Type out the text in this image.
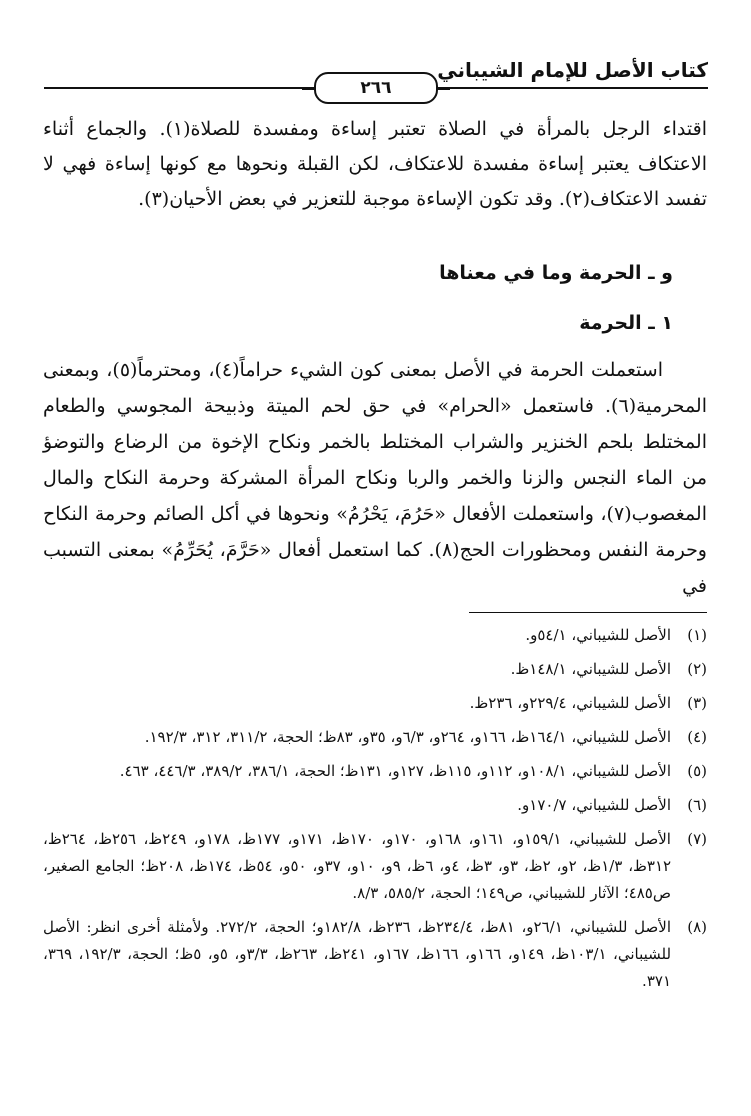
كتاب الأصل للإمام الشيباني
٢٦٦

اقتداء الرجل بالمرأة في الصلاة تعتبر إساءة ومفسدة للصلاة(١). والجماع أثناء الاعتكاف يعتبر إساءة مفسدة للاعتكاف، لكن القبلة ونحوها مع كونها إساءة فهي لا تفسد الاعتكاف(٢). وقد تكون الإساءة موجبة للتعزير في بعض الأحيان(٣).

و ـ الحرمة وما في معناها
١ ـ الحرمة

استعملت الحرمة في الأصل بمعنى كون الشيء حراماً(٤)، ومحترماً(٥)، وبمعنى المحرمية(٦). فاستعمل «الحرام» في حق لحم الميتة وذبيحة المجوسي والطعام المختلط بلحم الخنزير والشراب المختلط بالخمر ونكاح الإخوة من الرضاع والتوضؤ من الماء النجس والزنا والخمر والربا ونكاح المرأة المشركة وحرمة النكاح والمال المغصوب(٧)، واستعملت الأفعال «حَرُمَ، يَحْرُمُ» ونحوها في أكل الصائم وحرمة النكاح وحرمة النفس ومحظورات الحج(٨). كما استعمل أفعال «حَرَّمَ، يُحَرِّمُ» بمعنى التسبب في

(١)
الأصل للشيباني، ٥٤/١و.
(٢)
الأصل للشيباني، ١٤٨/١ظ.
(٣)
الأصل للشيباني، ٢٢٩/٤و، ٢٣٦ظ.
(٤)
الأصل للشيباني، ١٦٤/١ظ، ١٦٦و، ٢٦٤و، ٦/٣و، ٣٥و، ٨٣ظ؛ الحجة، ٣١١/٢، ٣١٢، ١٩٢/٣.
(٥)
الأصل للشيباني، ١٠٨/١و، ١١٢و، ١١٥ظ، ١٢٧و، ١٣١ظ؛ الحجة، ٣٨٦/١، ٣٨٩/٢، ٤٤٦/٣، ٤٦٣.
(٦)
الأصل للشيباني، ١٧٠/٧و.
(٧)
الأصل للشيباني، ١٥٩/١و، ١٦١و، ١٦٨و، ١٧٠و، ١٧٠ظ، ١٧١و، ١٧٧ظ، ١٧٨و، ٢٤٩ظ، ٢٥٦ظ، ٢٦٤ظ، ٣١٢ظ، ١/٣ظ، ٢و، ٢ظ، ٣و، ٣ظ، ٤و، ٦ظ، ٩و، ١٠و، ٣٧و، ٥٠و، ٥٤ظ، ١٧٤ظ، ٢٠٨ظ؛ الجامع الصغير، ص٤٨٥؛ الآثار للشيباني، ص١٤٩؛ الحجة، ٥٨٥/٢، ٨/٣.
(٨)
الأصل للشيباني، ٢٦/١و، ٨١ظ، ٢٣٤/٤ظ، ٢٣٦ظ، ١٨٢/٨و؛ الحجة، ٢٧٢/٢. ولأمثلة أخرى انظر: الأصل للشيباني، ١٠٣/١ظ، ١٤٩و، ١٦٦و، ١٦٦ظ، ١٦٧و، ٢٤١ظ، ٢٦٣ظ، ٣/٣و، ٥و، ٥ظ؛ الحجة، ١٩٢/٣، ٣٦٩، ٣٧١.
